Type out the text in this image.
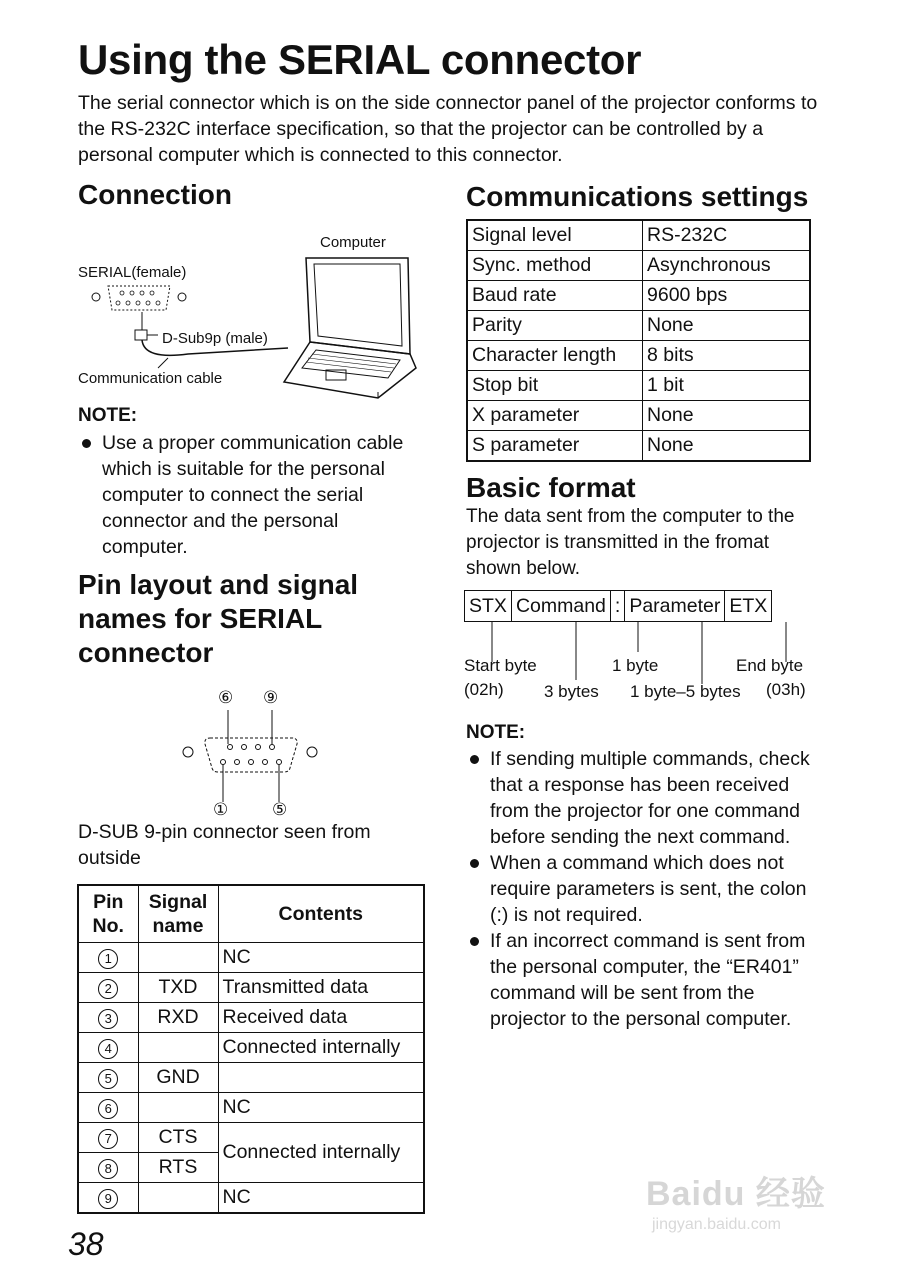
Using the SERIAL connector

The serial connector which is on the side connector panel of the projector conforms to the RS-232C interface specification, so that the projector can be controlled by a personal computer which is connected to this connector.

Connection
Computer
SERIAL(female)
D-Sub9p (male)
Communication cable

NOTE:

Use a proper communication cable which is suitable for the personal computer to connect the serial connector and the personal computer.
Pin layout and signal names for SERIAL connector
⑥ ⑨
①	⑤

D-SUB 9-pin connector seen from outside

Pin No.	Signal name	Contents
1		NC
2	TXD	Transmitted data
3	RXD	Received data
4		Connected internally
5	GND	
6		NC
7	CTS	Connected internally
8	RTS	
9		NC
38
Communications settings
Signal level	RS-232C
Sync. method	Asynchronous
Baud rate	9600 bps
Parity	None
Character length	8 bits
Stop bit	1 bit
X parameter	None
S parameter	None
Basic format

The data sent from the computer to the projector is transmitted in the fromat shown below.

STX	Command	:	Parameter	ETX
Start byte
(02h) 3 bytes
1 byte
1 byte–5 bytes
End byte
(03h)

NOTE:

If sending multiple commands, check that a response has been received from the projector for one command before sending the next command.
When a command which does not require parameters is sent, the colon (:) is not required.
If an incorrect command is sent from the personal computer, the “ER401” command will be sent from the projector to the personal computer.
Baidu 经验
jingyan.baidu.com
